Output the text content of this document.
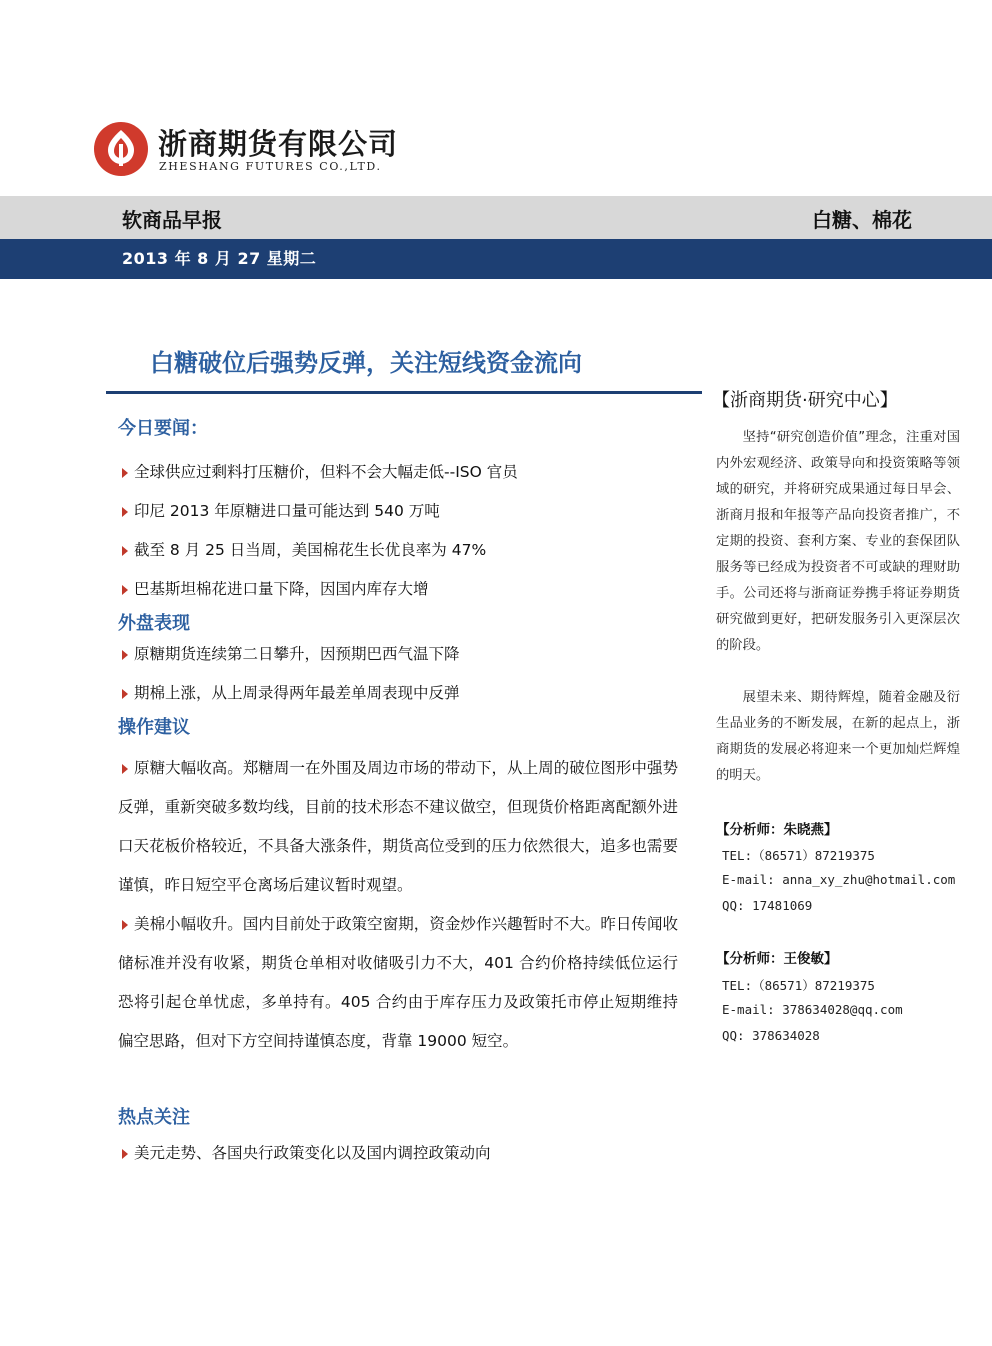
浙商期货有限公司
ZHESHANG FUTURES CO.,LTD.
软商品早报	白糖、棉花
2013 年 8 月 27 星期二
白糖破位后强势反弹，关注短线资金流向
今日要闻：
全球供应过剩料打压糖价，但料不会大幅走低--ISO 官员
印尼 2013 年原糖进口量可能达到 540 万吨
截至 8 月 25 日当周，美国棉花生长优良率为 47%
巴基斯坦棉花进口量下降，因国内库存大增
外盘表现
原糖期货连续第二日攀升，因预期巴西气温下降
期棉上涨，从上周录得两年最差单周表现中反弹
操作建议
原糖大幅收高。郑糖周一在外围及周边市场的带动下，从上周的破位图形中强势反弹，重新突破多数均线，目前的技术形态不建议做空，但现货价格距离配额外进口天花板价格较近，不具备大涨条件，期货高位受到的压力依然很大，追多也需要谨慎，昨日短空平仓离场后建议暂时观望。
美棉小幅收升。国内目前处于政策空窗期，资金炒作兴趣暂时不大。昨日传闻收储标准并没有收紧，期货仓单相对收储吸引力不大，401 合约价格持续低位运行恐将引起仓单忧虑，多单持有。405 合约由于库存压力及政策托市停止短期维持偏空思路，但对下方空间持谨慎态度，背靠 19000 短空。
热点关注
美元走势、各国央行政策变化以及国内调控政策动向
【浙商期货·研究中心】
坚持“研究创造价值”理念，注重对国内外宏观经济、政策导向和投资策略等领域的研究，并将研究成果通过每日早会、浙商月报和年报等产品向投资者推广，不定期的投资、套利方案、专业的套保团队服务等已经成为投资者不可或缺的理财助手。公司还将与浙商证券携手将证券期货研究做到更好，把研发服务引入更深层次的阶段。
展望未来、期待辉煌，随着金融及衍生品业务的不断发展，在新的起点上，浙商期货的发展必将迎来一个更加灿烂辉煌的明天。
【分析师：朱晓燕】
TEL:（86571）87219375
E-mail: anna_xy_zhu@hotmail.com
QQ: 17481069
【分析师：王俊敏】
TEL:（86571）87219375
E-mail: 378634028@qq.com
QQ: 378634028
